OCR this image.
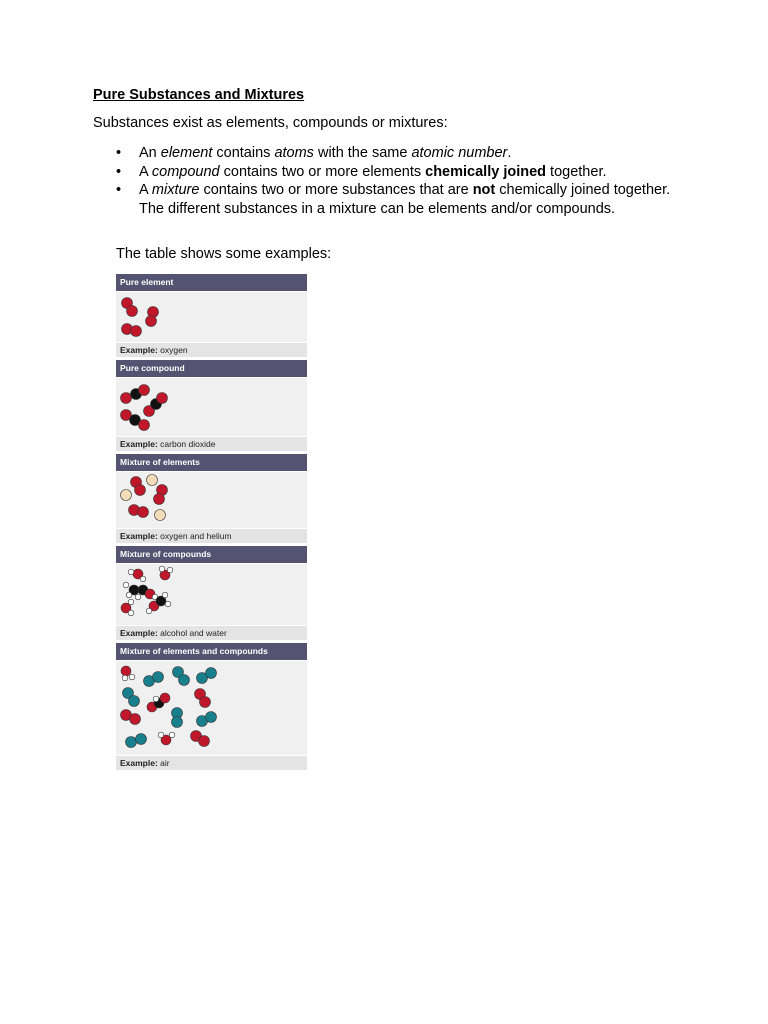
Pure Substances and Mixtures
Substances exist as elements, compounds or mixtures:
• An element contains atoms with the same atomic number.
• A compound contains two or more elements chemically joined together.
• A mixture contains two or more substances that are not chemically joined together. The different substances in a mixture can be elements and/or compounds.
The table shows some examples:
Pure element
Example: oxygen
Pure compound
Example: carbon dioxide
Mixture of elements
Example: oxygen and helium
Mixture of compounds
Example: alcohol and water
Mixture of elements and compounds
Example: air
